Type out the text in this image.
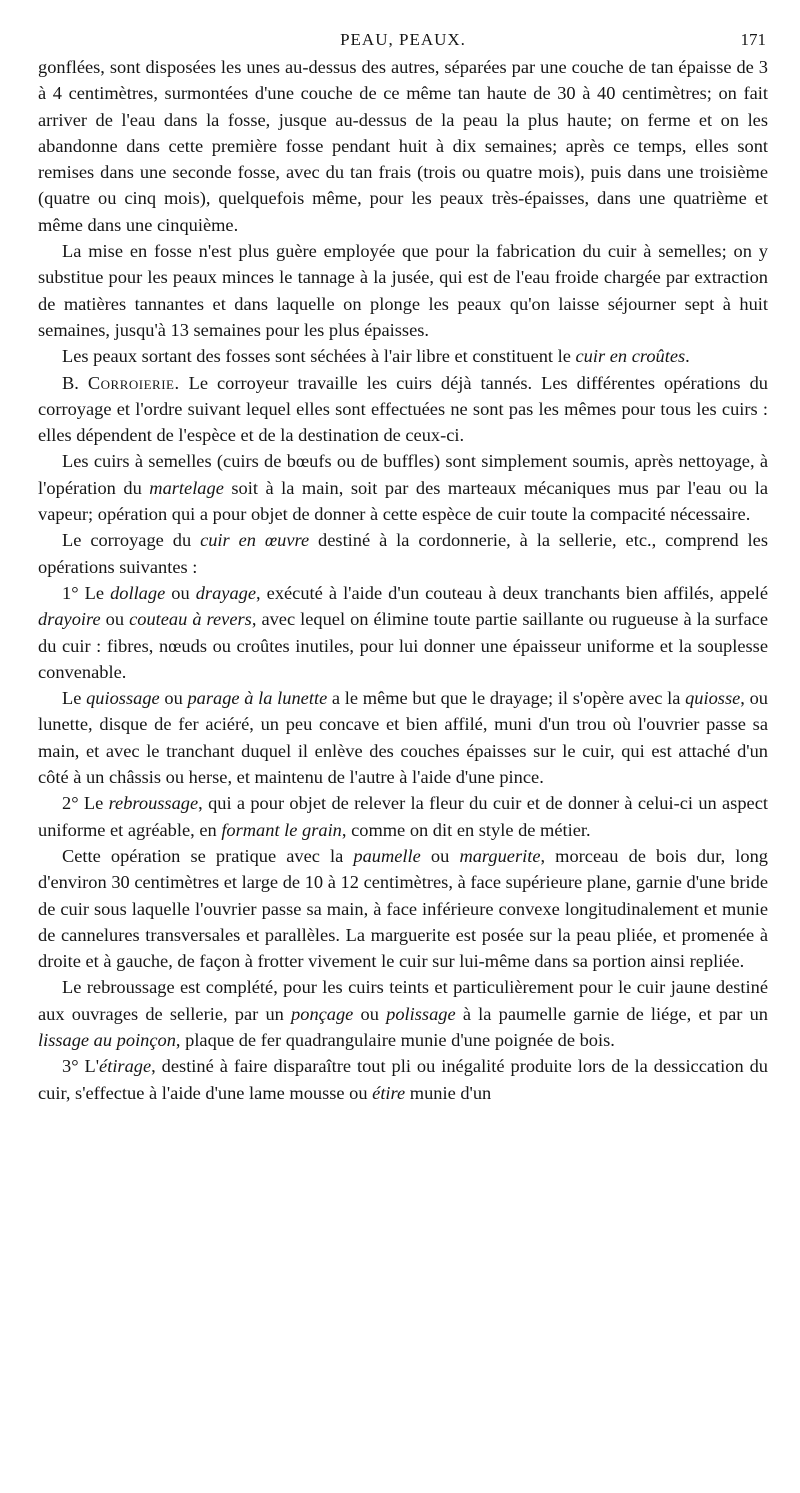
PEAU, PEAUX.	171

gonflées, sont disposées les unes au-dessus des autres, séparées par une couche de tan épaisse de 3 à 4 centimètres, surmontées d'une couche de ce même tan haute de 30 à 40 centimètres; on fait arriver de l'eau dans la fosse, jusque au-dessus de la peau la plus haute; on ferme et on les abandonne dans cette première fosse pendant huit à dix semaines; après ce temps, elles sont remises dans une seconde fosse, avec du tan frais (trois ou quatre mois), puis dans une troisième (quatre ou cinq mois), quelquefois même, pour les peaux très-épaisses, dans une quatrième et même dans une cinquième.

La mise en fosse n'est plus guère employée que pour la fabrication du cuir à semelles; on y substitue pour les peaux minces le tannage à la jusée, qui est de l'eau froide chargée par extraction de matières tannantes et dans laquelle on plonge les peaux qu'on laisse séjourner sept à huit semaines, jusqu'à 13 semaines pour les plus épaisses.

Les peaux sortant des fosses sont séchées à l'air libre et constituent le cuir en croûtes.

B. Corroierie. Le corroyeur travaille les cuirs déjà tannés. Les différentes opérations du corroyage et l'ordre suivant lequel elles sont effectuées ne sont pas les mêmes pour tous les cuirs : elles dépendent de l'espèce et de la destination de ceux-ci.

Les cuirs à semelles (cuirs de bœufs ou de buffles) sont simplement soumis, après nettoyage, à l'opération du martelage soit à la main, soit par des marteaux mécaniques mus par l'eau ou la vapeur; opération qui a pour objet de donner à cette espèce de cuir toute la compacité nécessaire.

Le corroyage du cuir en œuvre destiné à la cordonnerie, à la sellerie, etc., comprend les opérations suivantes :

1° Le dollage ou drayage, exécuté à l'aide d'un couteau à deux tranchants bien affilés, appelé drayoire ou couteau à revers, avec lequel on élimine toute partie saillante ou rugueuse à la surface du cuir : fibres, nœuds ou croûtes inutiles, pour lui donner une épaisseur uniforme et la souplesse convenable.

Le quiossage ou parage à la lunette a le même but que le drayage; il s'opère avec la quiosse, ou lunette, disque de fer aciéré, un peu concave et bien affilé, muni d'un trou où l'ouvrier passe sa main, et avec le tranchant duquel il enlève des couches épaisses sur le cuir, qui est attaché d'un côté à un châssis ou herse, et maintenu de l'autre à l'aide d'une pince.

2° Le rebroussage, qui a pour objet de relever la fleur du cuir et de donner à celui-ci un aspect uniforme et agréable, en formant le grain, comme on dit en style de métier.

Cette opération se pratique avec la paumelle ou marguerite, morceau de bois dur, long d'environ 30 centimètres et large de 10 à 12 centimètres, à face supérieure plane, garnie d'une bride de cuir sous laquelle l'ouvrier passe sa main, à face inférieure convexe longitudinalement et munie de cannelures transversales et parallèles. La marguerite est posée sur la peau pliée, et promenée à droite et à gauche, de façon à frotter vivement le cuir sur lui-même dans sa portion ainsi repliée.

Le rebroussage est complété, pour les cuirs teints et particulièrement pour le cuir jaune destiné aux ouvrages de sellerie, par un ponçage ou polissage à la paumelle garnie de liége, et par un lissage au poinçon, plaque de fer quadrangulaire munie d'une poignée de bois.

3° L'étirage, destiné à faire disparaître tout pli ou inégalité produite lors de la dessiccation du cuir, s'effectue à l'aide d'une lame mousse ou étire munie d'un
